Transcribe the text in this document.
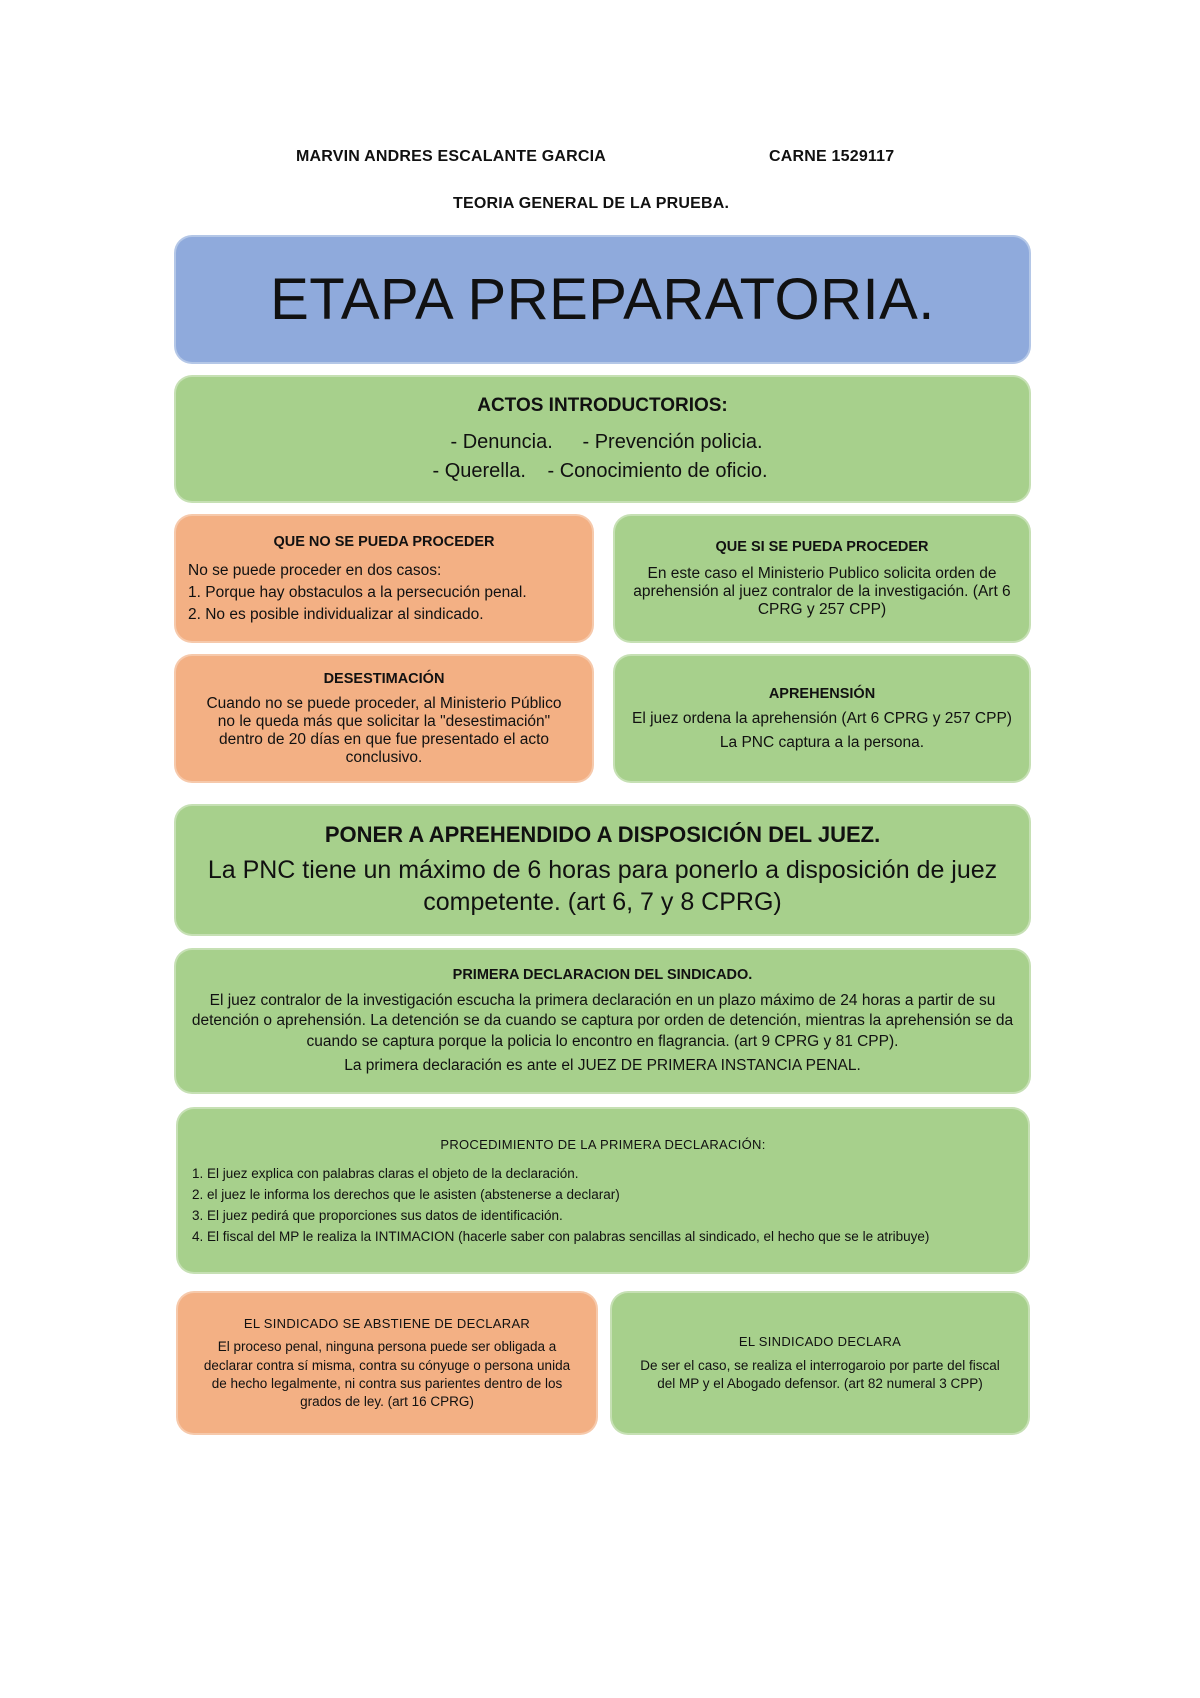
MARVIN ANDRES ESCALANTE GARCIA	CARNE 1529117
TEORIA GENERAL DE LA PRUEBA.
ETAPA PREPARATORIA.
ACTOS INTRODUCTORIOS:
- Denuncia.	- Prevención policia.
- Querella.	- Conocimiento de oficio.
QUE NO SE PUEDA PROCEDER
No se puede proceder en dos casos:
1. Porque hay obstaculos a la persecución penal.
2. No es posible individualizar al sindicado.
QUE SI SE PUEDA PROCEDER
En este caso el Ministerio Publico solicita orden de aprehensión al juez contralor de la investigación. (Art 6 CPRG y 257 CPP)
DESESTIMACIÓN
Cuando no se puede proceder, al Ministerio Público no le queda más que solicitar la "desestimación" dentro de 20 días en que fue presentado el acto conclusivo.
APREHENSIÓN
El juez ordena la aprehensión (Art 6 CPRG y 257 CPP)
La PNC captura a la persona.
PONER A APREHENDIDO A DISPOSICIÓN DEL JUEZ.
La PNC tiene un máximo de 6 horas para ponerlo a disposición de juez competente. (art 6, 7 y 8 CPRG)
PRIMERA DECLARACION DEL SINDICADO.
El juez contralor de la investigación escucha la primera declaración en un plazo máximo de 24 horas a partir de su detención o aprehensión. La detención se da cuando se captura por orden de detención, mientras la aprehensión se da cuando se captura porque la policia lo encontro en flagrancia. (art 9 CPRG y 81 CPP).
La primera declaración es ante el JUEZ DE PRIMERA INSTANCIA PENAL.
PROCEDIMIENTO DE LA PRIMERA DECLARACIÓN:
1. El juez explica con palabras claras el objeto de la declaración.
2. el juez le informa los derechos que le asisten (abstenerse a declarar)
3. El juez pedirá que proporciones sus datos de identificación.
4. El fiscal del MP le realiza la INTIMACION (hacerle saber con palabras sencillas al sindicado, el hecho que se le atribuye)
EL SINDICADO SE ABSTIENE DE DECLARAR
El proceso penal, ninguna persona puede ser obligada a declarar contra sí misma, contra su cónyuge o persona unida de hecho legalmente, ni contra sus parientes dentro de los grados de ley. (art 16 CPRG)
EL SINDICADO DECLARA
De ser el caso, se realiza el interrogaroio por parte del fiscal del MP y el Abogado defensor. (art 82 numeral 3 CPP)
